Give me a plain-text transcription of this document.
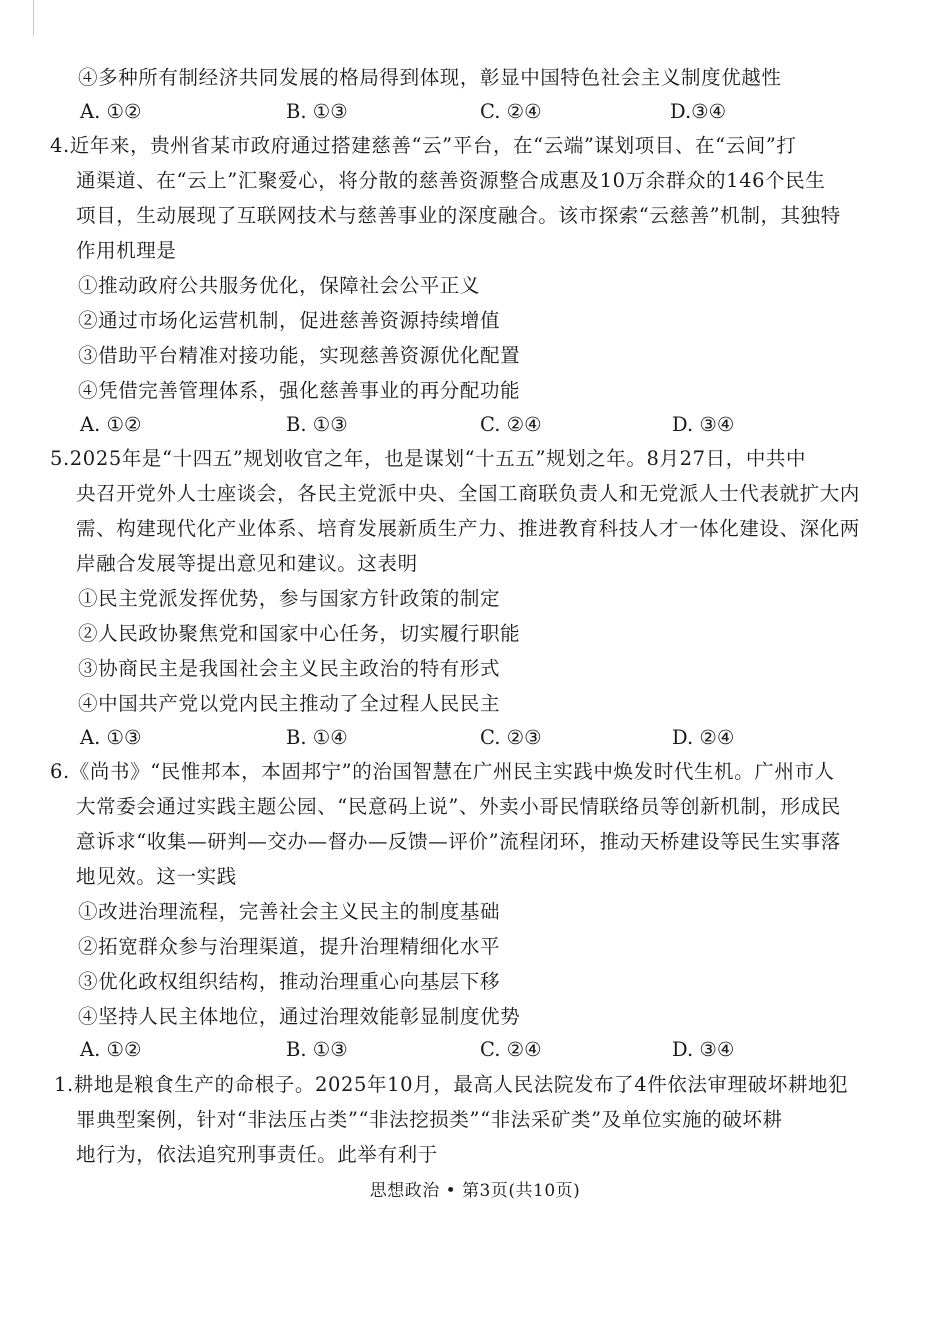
④多种所有制经济共同发展的格局得到体现，彰显中国特色社会主义制度优越性
A. ①②	B. ①③	C. ②④	D.③④
4.近年来，贵州省某市政府通过搭建慈善“云”平台，在“云端”谋划项目、在“云间”打
通渠道、在“云上”汇聚爱心，将分散的慈善资源整合成惠及10万余群众的146个民生
项目，生动展现了互联网技术与慈善事业的深度融合。该市探索“云慈善”机制，其独特
作用机理是
①推动政府公共服务优化，保障社会公平正义
②通过市场化运营机制，促进慈善资源持续增值
③借助平台精准对接功能，实现慈善资源优化配置
④凭借完善管理体系，强化慈善事业的再分配功能
A. ①②	B. ①③	C. ②④	D. ③④
5.2025年是“十四五”规划收官之年，也是谋划“十五五”规划之年。8月27日，中共中
央召开党外人士座谈会，各民主党派中央、全国工商联负责人和无党派人士代表就扩大内
需、构建现代化产业体系、培育发展新质生产力、推进教育科技人才一体化建设、深化两
岸融合发展等提出意见和建议。这表明
①民主党派发挥优势，参与国家方针政策的制定
②人民政协聚焦党和国家中心任务，切实履行职能
③协商民主是我国社会主义民主政治的特有形式
④中国共产党以党内民主推动了全过程人民民主
A. ①③	B. ①④	C. ②③	D. ②④
6.《尚书》“民惟邦本，本固邦宁”的治国智慧在广州民主实践中焕发时代生机。广州市人
大常委会通过实践主题公园、“民意码上说”、外卖小哥民情联络员等创新机制，形成民
意诉求“收集—研判—交办—督办—反馈—评价”流程闭环，推动天桥建设等民生实事落
地见效。这一实践
①改进治理流程，完善社会主义民主的制度基础
②拓宽群众参与治理渠道，提升治理精细化水平
③优化政权组织结构，推动治理重心向基层下移
④坚持人民主体地位，通过治理效能彰显制度优势
A. ①②	B. ①③	C. ②④	D. ③④
1.耕地是粮食生产的命根子。2025年10月，最高人民法院发布了4件依法审理破坏耕地犯
罪典型案例，针对“非法压占类”“非法挖损类”“非法采矿类”及单位实施的破坏耕
地行为，依法追究刑事责任。此举有利于
思想政治 • 第3页(共10页)
